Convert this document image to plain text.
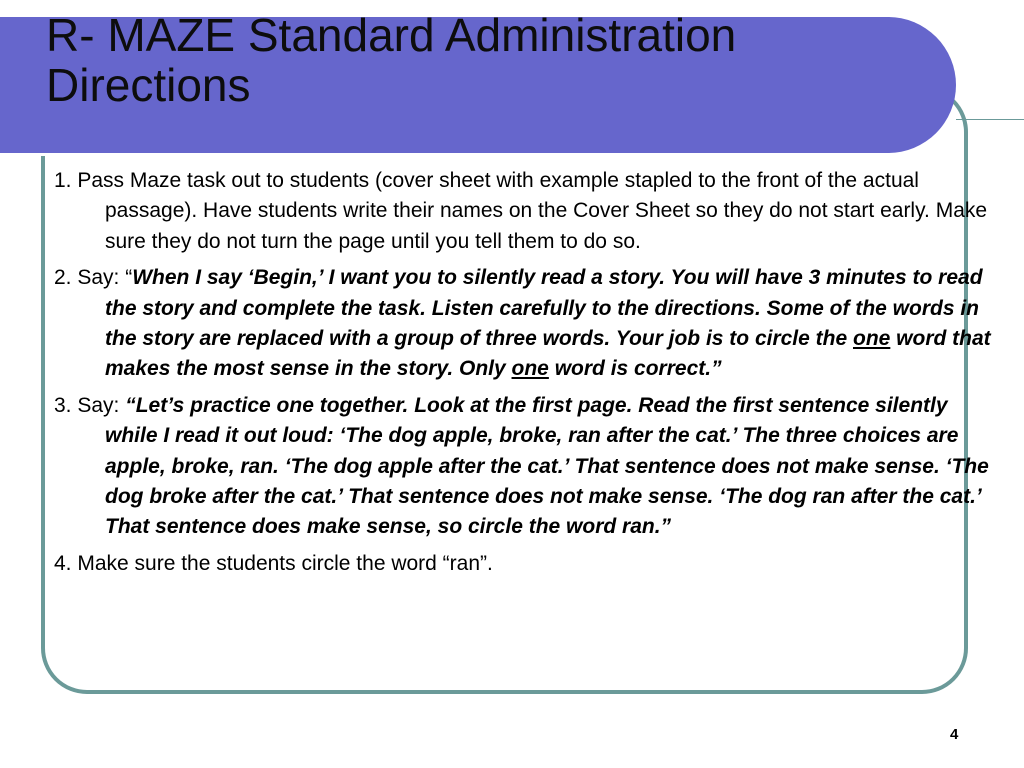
R- MAZE Standard Administration
Directions

1. Pass Maze task out to students (cover sheet with example stapled to the front of the actual passage). Have students write their names on the Cover Sheet so they do not start early. Make sure they do not turn the page until you tell them to do so.

2. Say: “When I say ‘Begin,’ I want you to silently read a story. You will have 3 minutes to read the story and complete the task. Listen carefully to the directions. Some of the words in the story are replaced with a group of three words. Your job is to circle the one word that makes the most sense in the story. Only one word is correct.”

3. Say: “Let’s practice one together. Look at the first page. Read the first sentence silently while I read it out loud: ‘The dog apple, broke, ran after the cat.’ The three choices are apple, broke, ran. ‘The dog apple after the cat.’ That sentence does not make sense. ‘The dog broke after the cat.’ That sentence does not make sense. ‘The dog ran after the cat.’ That sentence does make sense, so circle the word ran.”

4. Make sure the students circle the word “ran”.

4
